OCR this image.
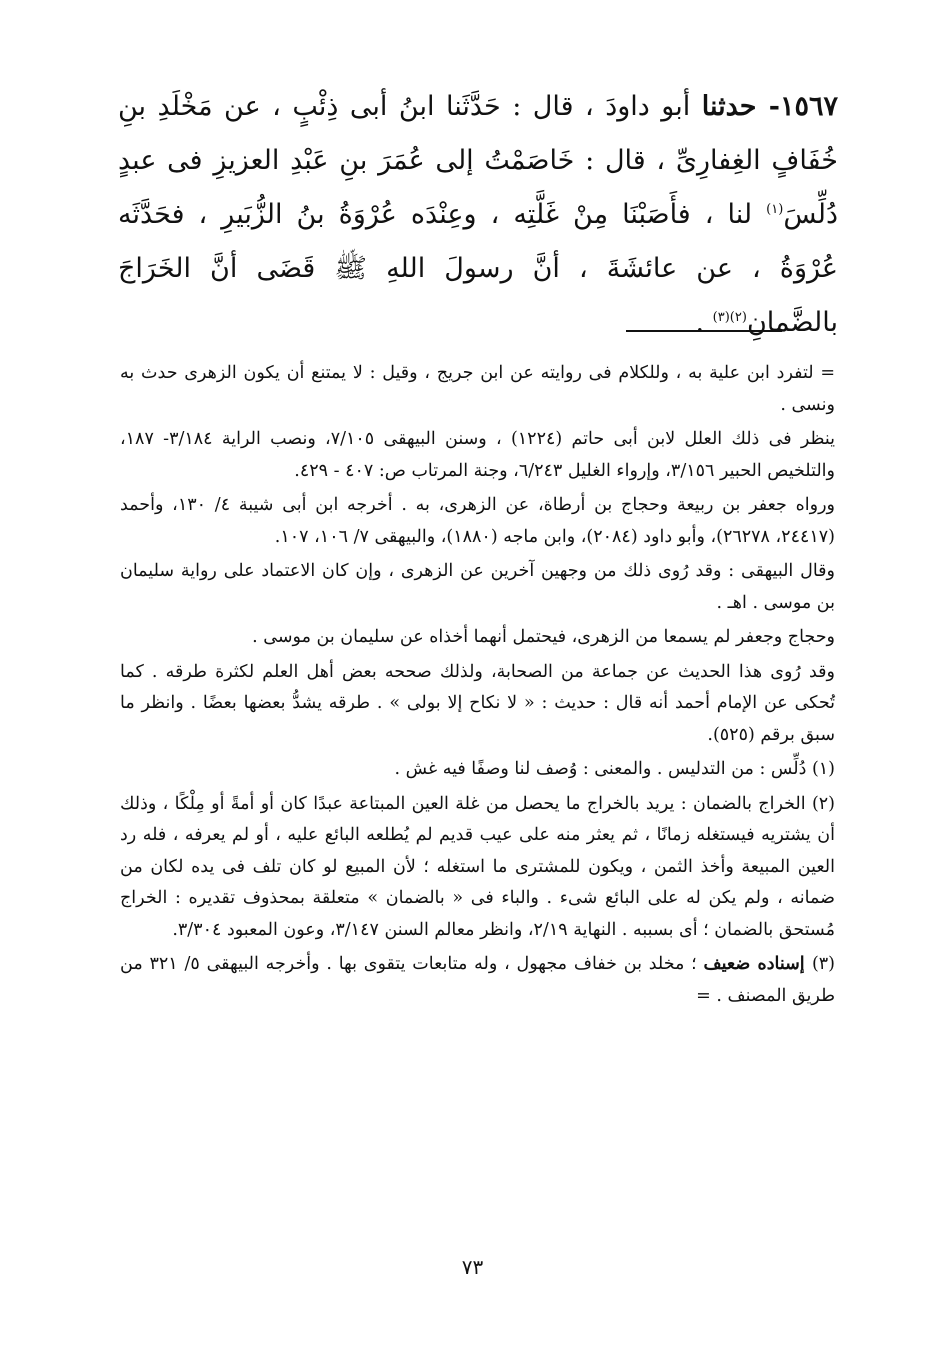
١٥٦٧- حدثنا أبو داودَ ، قال : حَدَّثَنا ابنُ أبى ذِئْبٍ ، عن مَخْلَدِ بنِ خُفَافٍ الغِفارِىِّ ، قال : خَاصَمْتُ إلى عُمَرَ بنِ عَبْدِ العزيزِ فى عبدٍ دُلِّسَ$^{(١)}$ لنا ، فأَصَبْنَا مِنْ غَلَّتِه ، وعِنْدَه عُرْوَةُ بنُ الزُّبَيرِ ، فحَدَّثَه عُرْوَةُ ، عن عائشَةَ ، أنَّ رسولَ اللهِ ﷺ قَضَى أنَّ الخَرَاجَ بالضَّمانِ$^{(٢)(٣)}$ .

= لتفرد ابن علية به ، وللكلام فى روايته عن ابن جريج ، وقيل : لا يمتنع أن يكون الزهرى حدث به ونسى .

ينظر فى ذلك العلل لابن أبى حاتم (١٢٢٤) ، وسنن البيهقى ٧/١٠٥، ونصب الراية ٣/١٨٤- ١٨٧، والتلخيص الحبير ٣/١٥٦، وإرواء الغليل ٦/٢٤٣، وجنة المرتاب ص: ٤٠٧ - ٤٢٩.

ورواه جعفر بن ربيعة وحجاج بن أرطاة، عن الزهرى، به . أخرجه ابن أبى شيبة ٤/ ١٣٠، وأحمد (٢٤٤١٧، ٢٦٢٧٨)، وأبو داود (٢٠٨٤)، وابن ماجه (١٨٨٠)، والبيهقى ٧/ ١٠٦، ١٠٧.

وقال البيهقى : وقد رُوى ذلك من وجهين آخرين عن الزهرى ، وإن كان الاعتماد على رواية سليمان بن موسى . اهـ .

وحجاج وجعفر لم يسمعا من الزهرى، فيحتمل أنهما أخذاه عن سليمان بن موسى .

وقد رُوى هذا الحديث عن جماعة من الصحابة، ولذلك صححه بعض أهل العلم لكثرة طرقه . كما تُحكى عن الإمام أحمد أنه قال : حديث : « لا نكاح إلا بولى » . طرقه يشدُّ بعضها بعضًا . وانظر ما سبق برقم (٥٢٥).

(١) دُلِّس : من التدليس . والمعنى : وُصف لنا وصفًا فيه غش .

(٢) الخراج بالضمان : يريد بالخراج ما يحصل من غلة العين المبتاعة عبدًا كان أو أمةً أو مِلْكًا ، وذلك أن يشتريه فيستغله زمانًا ، ثم يعثر منه على عيب قديم لم يُطلعه البائع عليه ، أو لم يعرفه ، فله رد العين المبيعة وأخذ الثمن ، ويكون للمشترى ما استغله ؛ لأن المبيع لو كان تلف فى يده لكان من ضمانه ، ولم يكن له على البائع شىء . والباء فى « بالضمان » متعلقة بمحذوف تقديره : الخراج مُستحق بالضمان ؛ أى بسببه . النهاية ٢/١٩، وانظر معالم السنن ٣/١٤٧، وعون المعبود ٣/٣٠٤.

(٣) إسناده ضعيف ؛ مخلد بن خفاف مجهول ، وله متابعات يتقوى بها . وأخرجه البيهقى ٥/ ٣٢١ من طريق المصنف . =

٧٣
